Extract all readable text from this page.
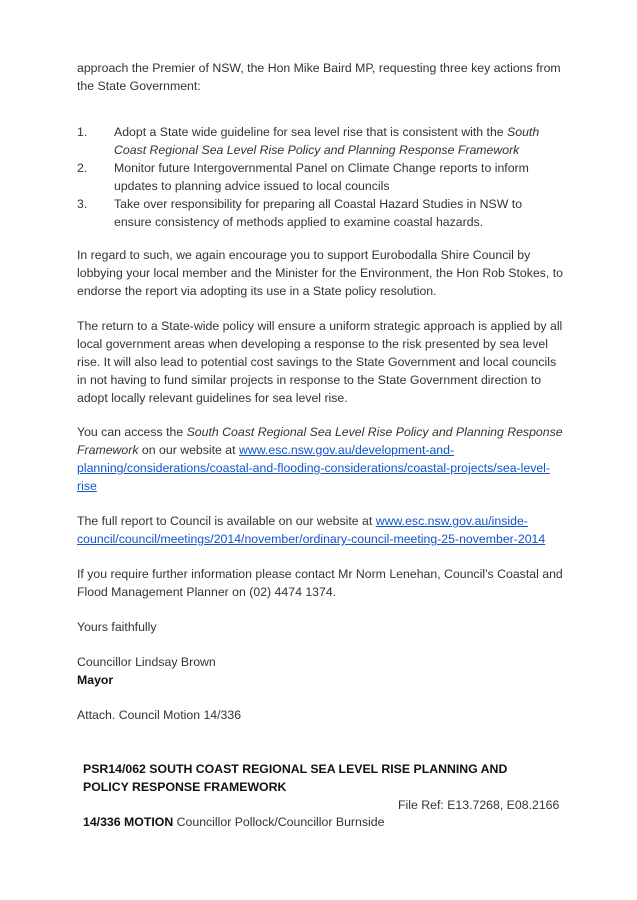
approach the Premier of NSW, the Hon Mike Baird MP, requesting three key actions from the State Government:

1. Adopt a State wide guideline for sea level rise that is consistent with the South Coast Regional Sea Level Rise Policy and Planning Response Framework
2. Monitor future Intergovernmental Panel on Climate Change reports to inform updates to planning advice issued to local councils
3. Take over responsibility for preparing all Coastal Hazard Studies in NSW to ensure consistency of methods applied to examine coastal hazards.

In regard to such, we again encourage you to support Eurobodalla Shire Council by lobbying your local member and the Minister for the Environment, the Hon Rob Stokes, to endorse the report via adopting its use in a State policy resolution.

The return to a State-wide policy will ensure a uniform strategic approach is applied by all local government areas when developing a response to the risk presented by sea level rise. It will also lead to potential cost savings to the State Government and local councils in not having to fund similar projects in response to the State Government direction to adopt locally relevant guidelines for sea level rise.

You can access the South Coast Regional Sea Level Rise Policy and Planning Response Framework on our website at www.esc.nsw.gov.au/development-and-planning/considerations/coastal-and-flooding-considerations/coastal-projects/sea-level-rise

The full report to Council is available on our website at www.esc.nsw.gov.au/inside-council/council/meetings/2014/november/ordinary-council-meeting-25-november-2014

If you require further information please contact Mr Norm Lenehan, Council’s Coastal and Flood Management Planner on (02) 4474 1374.

Yours faithfully

Councillor Lindsay Brown

Mayor

Attach. Council Motion 14/336

PSR14/062 SOUTH COAST REGIONAL SEA LEVEL RISE PLANNING AND POLICY RESPONSE FRAMEWORK

File Ref: E13.7268, E08.2166
14/336 MOTION Councillor Pollock/Councillor Burnside
